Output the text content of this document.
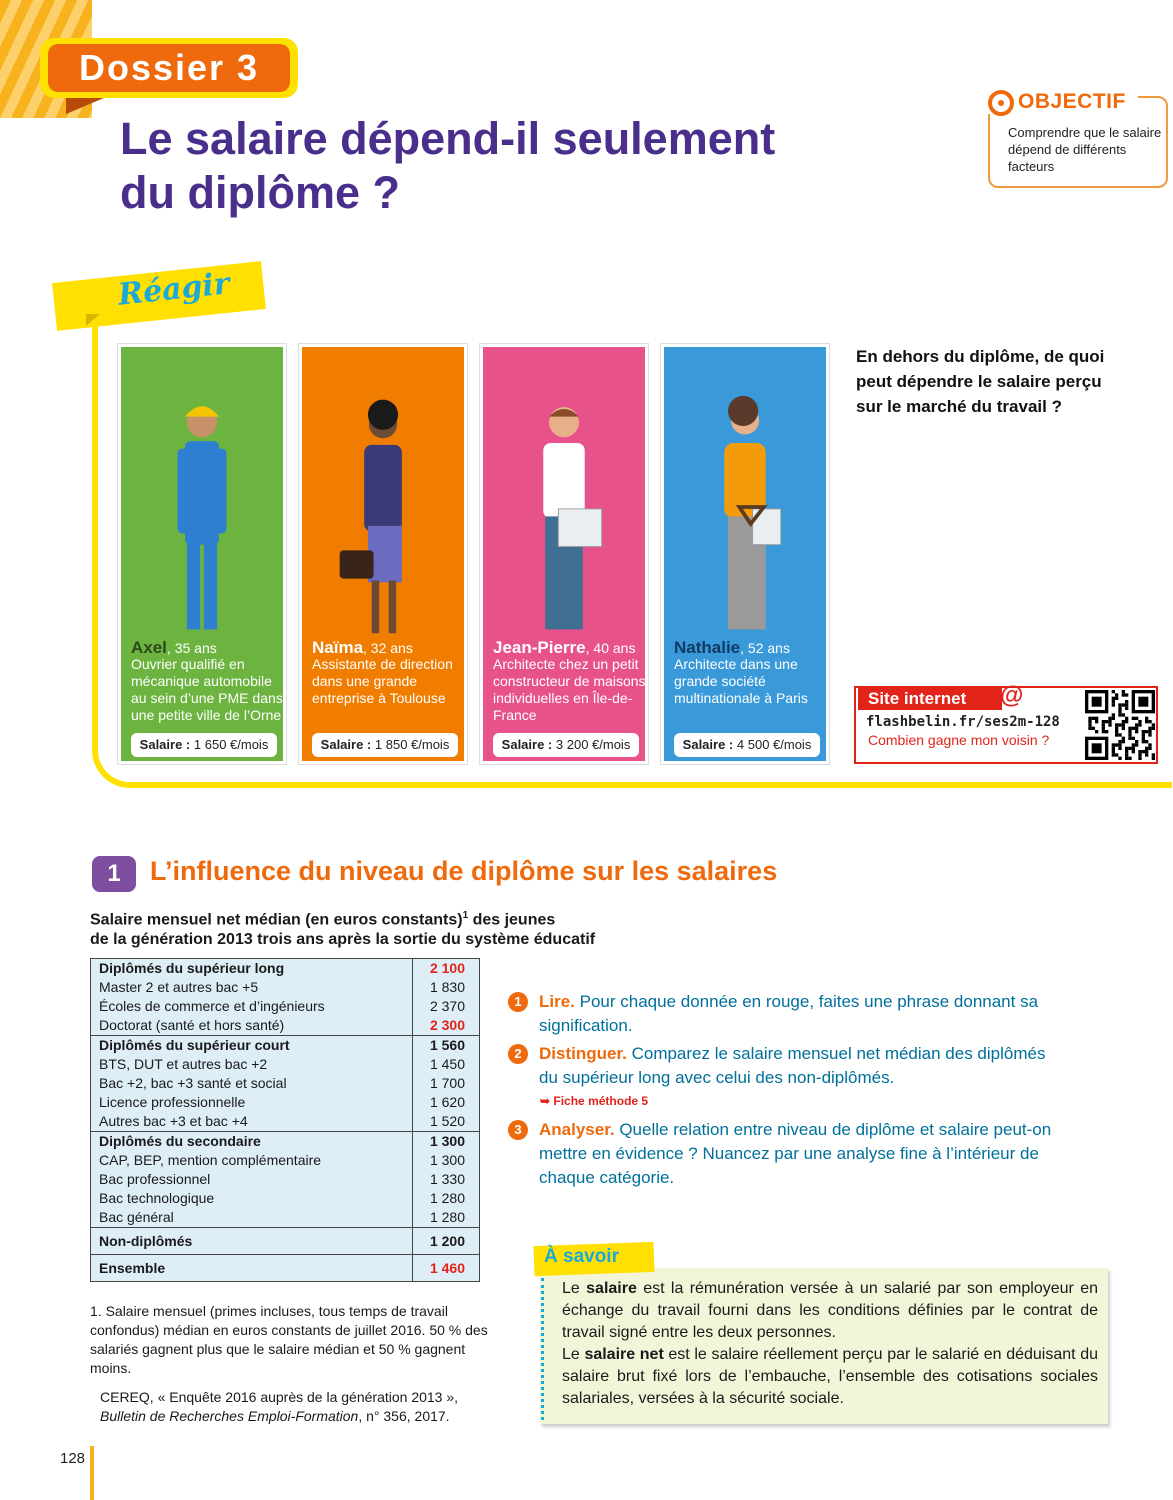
Dossier 3
Le salaire dépend-il seulement
du diplôme ?
OBJECTIF
Comprendre que le salaire dépend de différents facteurs
Réagir
Axel, 35 ans
Ouvrier qualifié en mécanique automobile au sein d’une PME dans une petite ville de l’Orne
Salaire : 1 650 €/mois
Naïma, 32 ans
Assistante de direction dans une grande entreprise à Toulouse
Salaire : 1 850 €/mois
Jean-Pierre, 40 ans
Architecte chez un petit constructeur de maisons individuelles en Île-de-France
Salaire : 3 200 €/mois
Nathalie, 52 ans
Architecte dans une grande société multinationale à Paris
Salaire : 4 500 €/mois
En dehors du diplôme, de quoi peut dépendre le salaire perçu sur le marché du travail ?
Site internet	@
flashbelin.fr/ses2m-128
Combien gagne mon voisin ?
1	L’influence du niveau de diplôme sur les salaires
Salaire mensuel net médian (en euros constants)$^1$ des jeunes
de la génération 2013 trois ans après la sortie du système éducatif
Diplômés du supérieur long	2 100
Master 2 et autres bac +5	1 830
Écoles de commerce et d’ingénieurs	2 370
Doctorat (santé et hors santé)	2 300
Diplômés du supérieur court	1 560
BTS, DUT et autres bac +2	1 450
Bac +2, bac +3 santé et social	1 700
Licence professionnelle	1 620
Autres bac +3 et bac +4	1 520
Diplômés du secondaire	1 300
CAP, BEP, mention complémentaire	1 300
Bac professionnel	1 330
Bac technologique	1 280
Bac général	1 280
Non-diplômés	1 200
Ensemble	1 460
1. Salaire mensuel (primes incluses, tous temps de travail confondus) médian en euros constants de juillet 2016. 50 % des salariés gagnent plus que le salaire médian et 50 % gagnent moins.
CEREQ, « Enquête 2016 auprès de la génération 2013 »,
Bulletin de Recherches Emploi-Formation, n° 356, 2017.
1	Lire. Pour chaque donnée en rouge, faites une phrase donnant sa signification.
2	Distinguer. Comparez le salaire mensuel net médian des diplômés du supérieur long avec celui des non-diplômés.
3	Analyser. Quelle relation entre niveau de diplôme et salaire peut-on mettre en évidence ? Nuancez par une analyse fine à l’intérieur de chaque catégorie.
➥ Fiche méthode 5
À savoir
Le salaire est la rémunération versée à un salarié par son employeur en échange du travail fourni dans les conditions définies par le contrat de travail signé entre les deux personnes.
Le salaire net est le salaire réellement perçu par le salarié en déduisant du salaire brut fixé lors de l’embauche, l’ensemble des cotisations sociales salariales, versées à la sécurité sociale.
128
